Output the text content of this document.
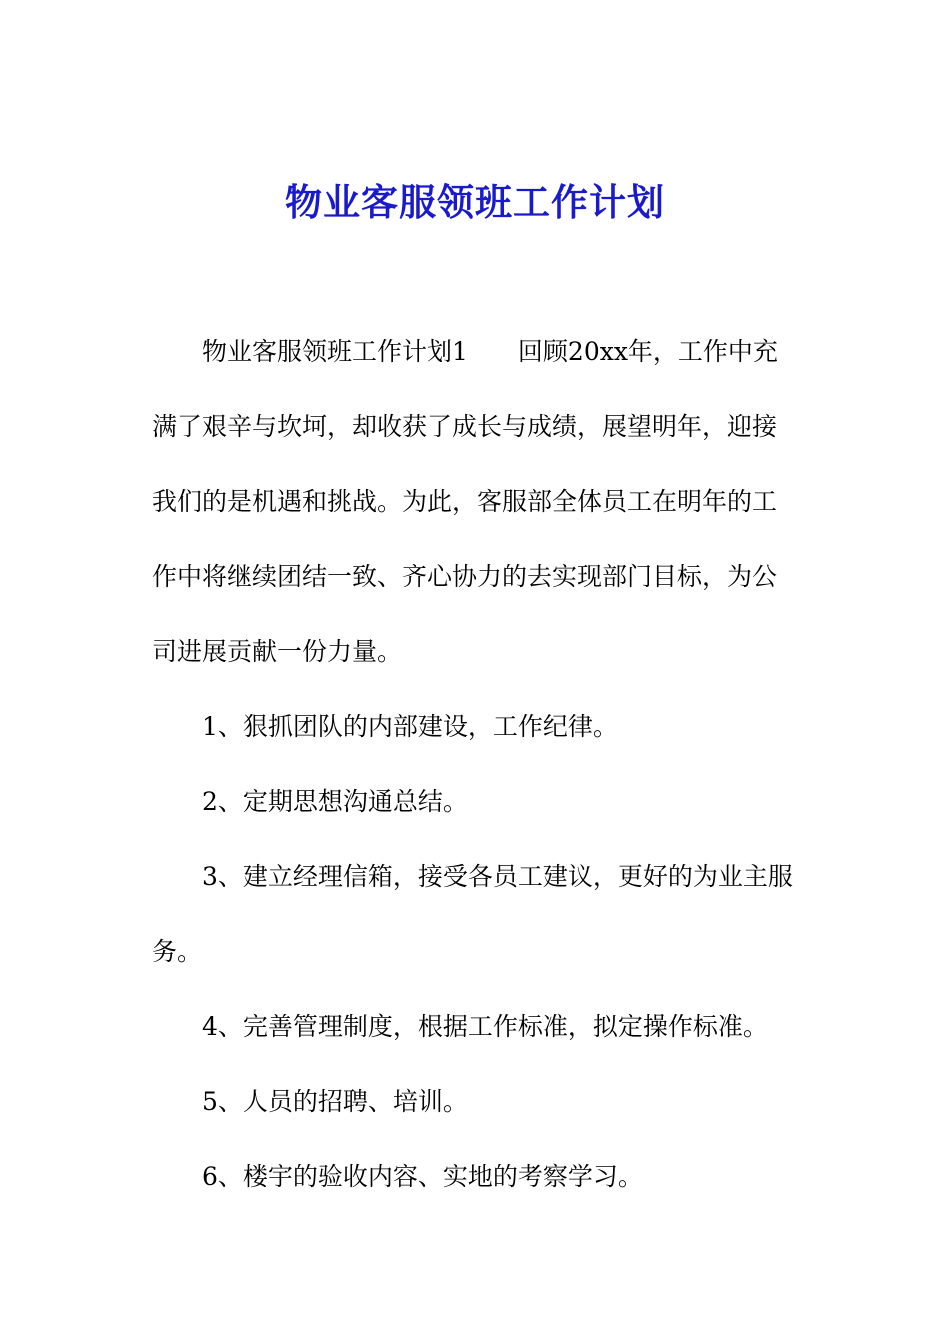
物业客服领班工作计划
物业客服领班工作计划1　　回顾20xx年，工作中充
满了艰辛与坎坷，却收获了成长与成绩，展望明年，迎接
我们的是机遇和挑战。为此，客服部全体员工在明年的工
作中将继续团结一致、齐心协力的去实现部门目标，为公
司进展贡献一份力量。
1、狠抓团队的内部建设，工作纪律。
2、定期思想沟通总结。
3、建立经理信箱，接受各员工建议，更好的为业主服
务。
4、完善管理制度，根据工作标准，拟定操作标准。
5、人员的招聘、培训。
6、楼宇的验收内容、实地的考察学习。
